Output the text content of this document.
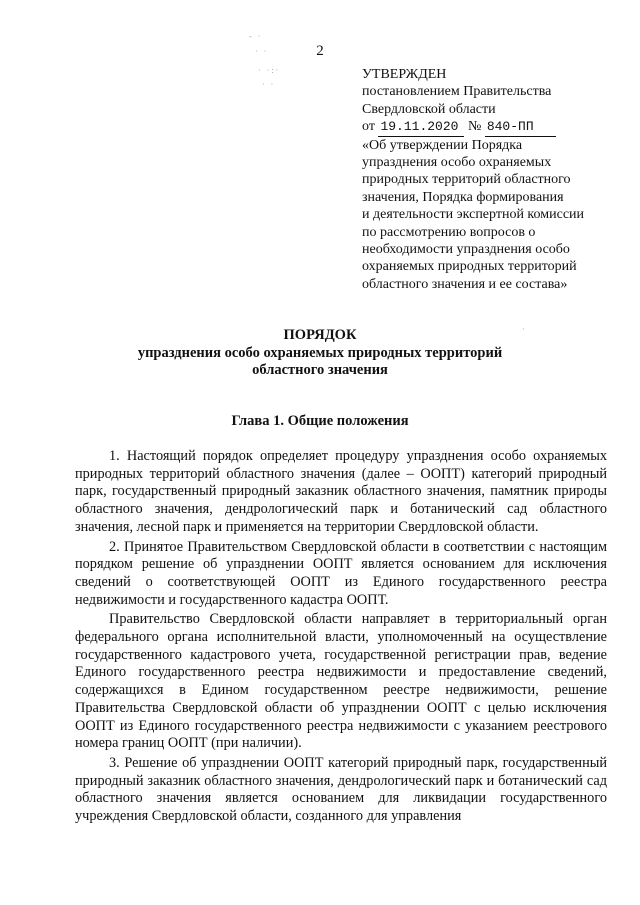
- ·
· ·
· ·:·
· ·
·
2
УТВЕРЖДЕН
постановлением Правительства
Свердловской области
от 19.11.2020 № 840-ПП
«Об утверждении Порядка
упразднения особо охраняемых
природных территорий областного
значения, Порядка формирования
и деятельности экспертной комиссии
по рассмотрению вопросов о
необходимости упразднения особо
охраняемых природных территорий
областного значения и ее состава»
ПОРЯДОК
упразднения особо охраняемых природных территорий
областного значения
Глава 1. Общие положения

1. Настоящий порядок определяет процедуру упразднения особо охраняемых природных территорий областного значения (далее – ООПТ) категорий природный парк, государственный природный заказник областного значения, памятник природы областного значения, дендрологический парк и ботанический сад областного значения, лесной парк и применяется на территории Свердловской области.

2. Принятое Правительством Свердловской области в соответствии с настоящим порядком решение об упразднении ООПТ является основанием для исключения сведений о соответствующей ООПТ из Единого государственного реестра недвижимости и государственного кадастра ООПТ.

Правительство Свердловской области направляет в территориальный орган федерального органа исполнительной власти, уполномоченный на осуществление государственного кадастрового учета, государственной регистрации прав, ведение Единого государственного реестра недвижимости и предоставление сведений, содержащихся в Едином государственном реестре недвижимости, решение Правительства Свердловской области об упразднении ООПТ с целью исключения ООПТ из Единого государственного реестра недвижимости с указанием реестрового номера границ ООПТ (при наличии).

3. Решение об упразднении ООПТ категорий природный парк, государственный природный заказник областного значения, дендрологический парк и ботанический сад областного значения является основанием для ликвидации государственного учреждения Свердловской области, созданного для управления
